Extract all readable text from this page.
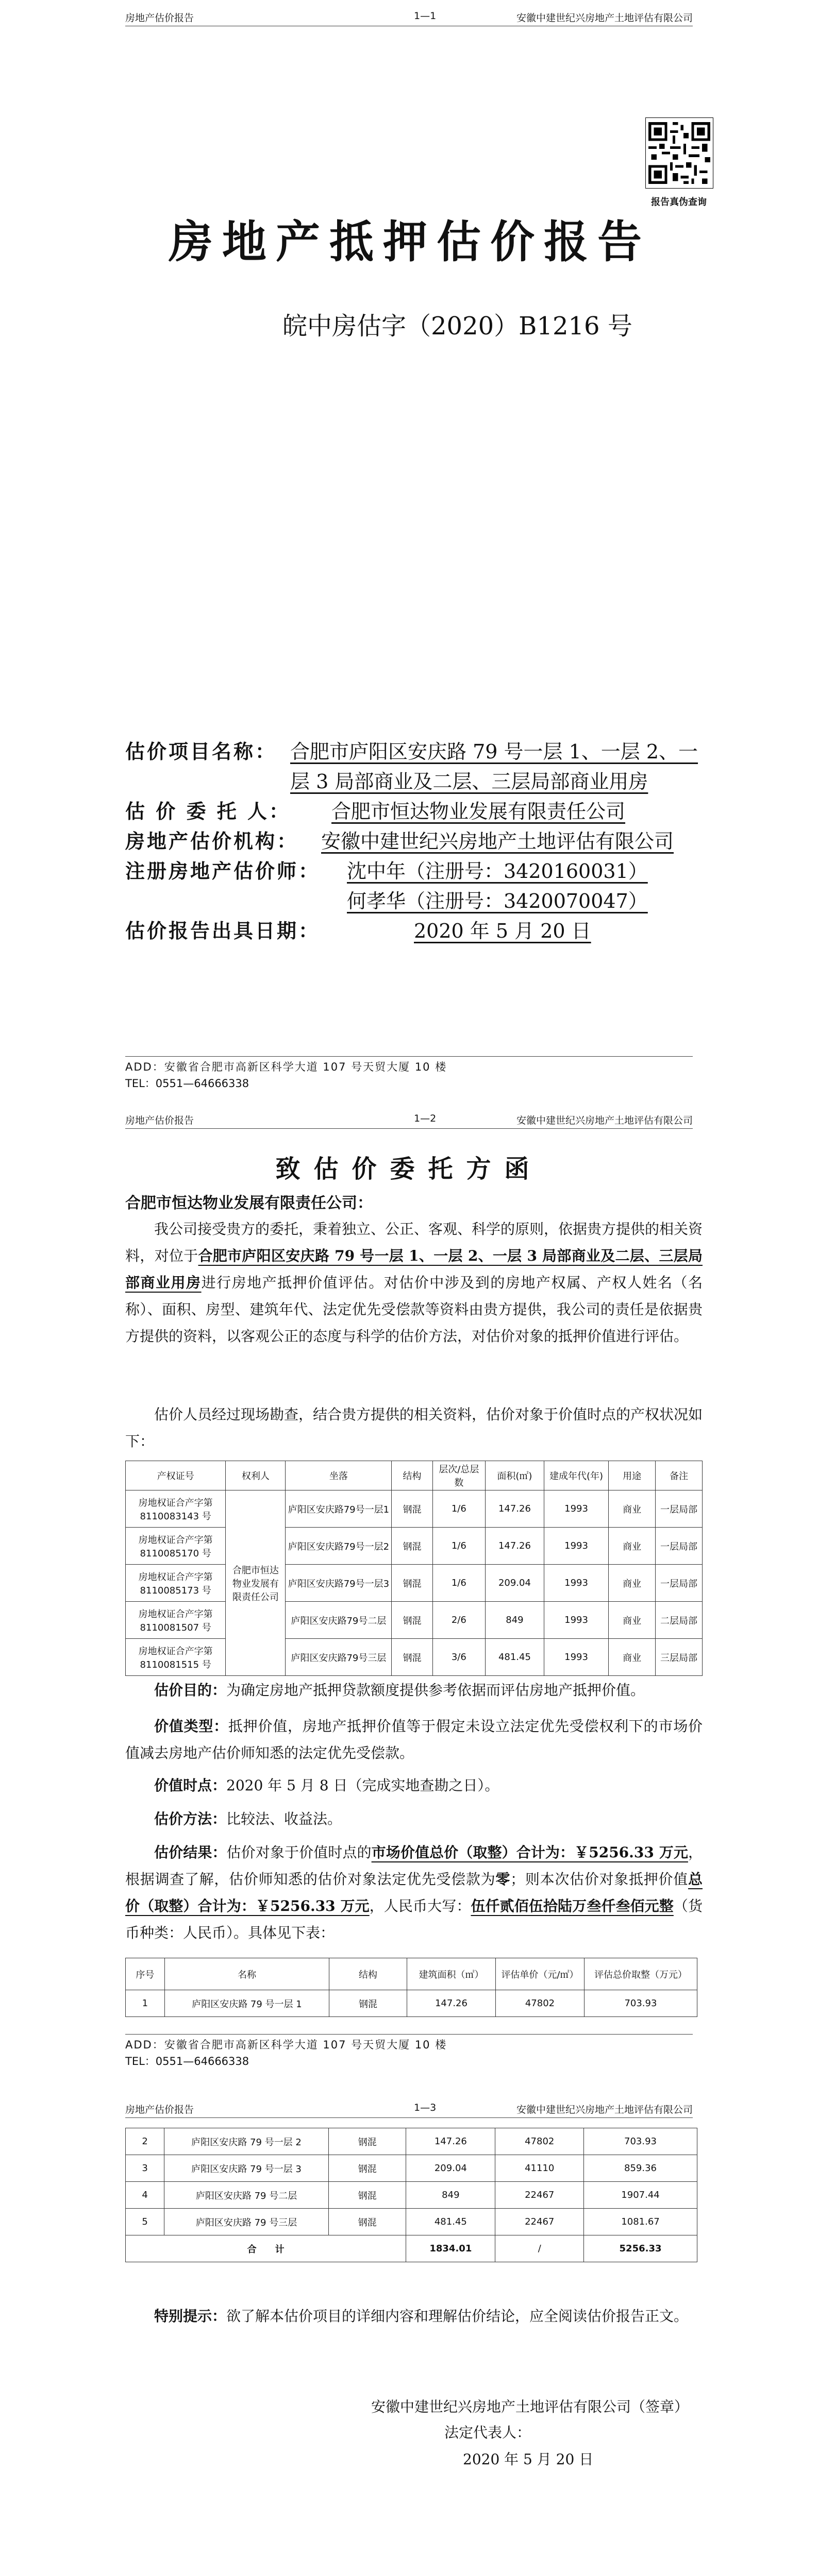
房地产估价报告	1—1	安徽中建世纪兴房地产土地评估有限公司
报告真伪查询
房地产抵押估价报告
皖中房估字（2020）B1216 号
估价项目名称： 合肥市庐阳区安庆路 79 号一层 1、一层 2、一
层 3 局部商业及二层、三层局部商业用房
估 价 委 托 人： 合肥市恒达物业发展有限责任公司
房地产估价机构： 安徽中建世纪兴房地产土地评估有限公司
注册房地产估价师： 沈中年（注册号：3420160031）
何孝华（注册号：3420070047）
估价报告出具日期：	2020 年 5 月 20 日
ADD：安徽省合肥市高新区科学大道 107 号天贸大厦 10 楼
TEL：0551—64666338
房地产估价报告	1—2	安徽中建世纪兴房地产土地评估有限公司
致估价委托方函
合肥市恒达物业发展有限责任公司：
我公司接受贵方的委托，秉着独立、公正、客观、科学的原则，依据贵方提供的相关资料，对位于合肥市庐阳区安庆路 79 号一层 1、一层 2、一层 3 局部商业及二层、三层局部商业用房进行房地产抵押价值评估。对估价中涉及到的房地产权属、产权人姓名（名称）、面积、房型、建筑年代、法定优先受偿款等资料由贵方提供，我公司的责任是依据贵方提供的资料，以客观公正的态度与科学的估价方法，对估价对象的抵押价值进行评估。
估价人员经过现场勘查，结合贵方提供的相关资料，估价对象于价值时点的产权状况如下：
产权证号	权利人	坐落	结构	层次/总层数	面积(㎡)	建成年代(年)	用途	备注
房地权证合产字第 8110083143 号	合肥市恒达物业发展有限责任公司	庐阳区安庆路79号一层1	钢混	1/6	147.26	1993	商业	一层局部
房地权证合产字第 8110085170 号		庐阳区安庆路79号一层2	钢混	1/6	147.26	1993	商业	一层局部
房地权证合产字第 8110085173 号		庐阳区安庆路79号一层3	钢混	1/6	209.04	1993	商业	一层局部
房地权证合产字第 8110081507 号		庐阳区安庆路79号二层	钢混	2/6	849	1993	商业	二层局部
房地权证合产字第 8110081515 号		庐阳区安庆路79号三层	钢混	3/6	481.45	1993	商业	三层局部
估价目的：为确定房地产抵押贷款额度提供参考依据而评估房地产抵押价值。
价值类型：抵押价值，房地产抵押价值等于假定未设立法定优先受偿权利下的市场价值减去房地产估价师知悉的法定优先受偿款。
价值时点：2020 年 5 月 8 日（完成实地查勘之日）。
估价方法：比较法、收益法。
估价结果：估价对象于价值时点的市场价值总价（取整）合计为：￥5256.33 万元，根据调查了解，估价师知悉的估价对象法定优先受偿款为零；则本次估价对象抵押价值总价（取整）合计为：￥5256.33 万元，人民币大写：伍仟贰佰伍拾陆万叁仟叁佰元整（货币种类：人民币）。具体见下表：
序号	名称	结构	建筑面积（㎡）	评估单价（元/㎡）	评估总价取整（万元）
1	庐阳区安庆路 79 号一层 1	钢混	147.26	47802	703.93
ADD：安徽省合肥市高新区科学大道 107 号天贸大厦 10 楼
TEL：0551—64666338
房地产估价报告	1—3	安徽中建世纪兴房地产土地评估有限公司
2	庐阳区安庆路 79 号一层 2	钢混	147.26	47802	703.93
3	庐阳区安庆路 79 号一层 3	钢混	209.04	41110	859.36
4	庐阳区安庆路 79 号二层	钢混	849	22467	1907.44
5	庐阳区安庆路 79 号三层	钢混	481.45	22467	1081.67
合　　计			1834.01	/	5256.33
特别提示：欲了解本估价项目的详细内容和理解估价结论，应全阅读估价报告正文。
安徽中建世纪兴房地产土地评估有限公司（签章）
法定代表人：
2020 年 5 月 20 日
